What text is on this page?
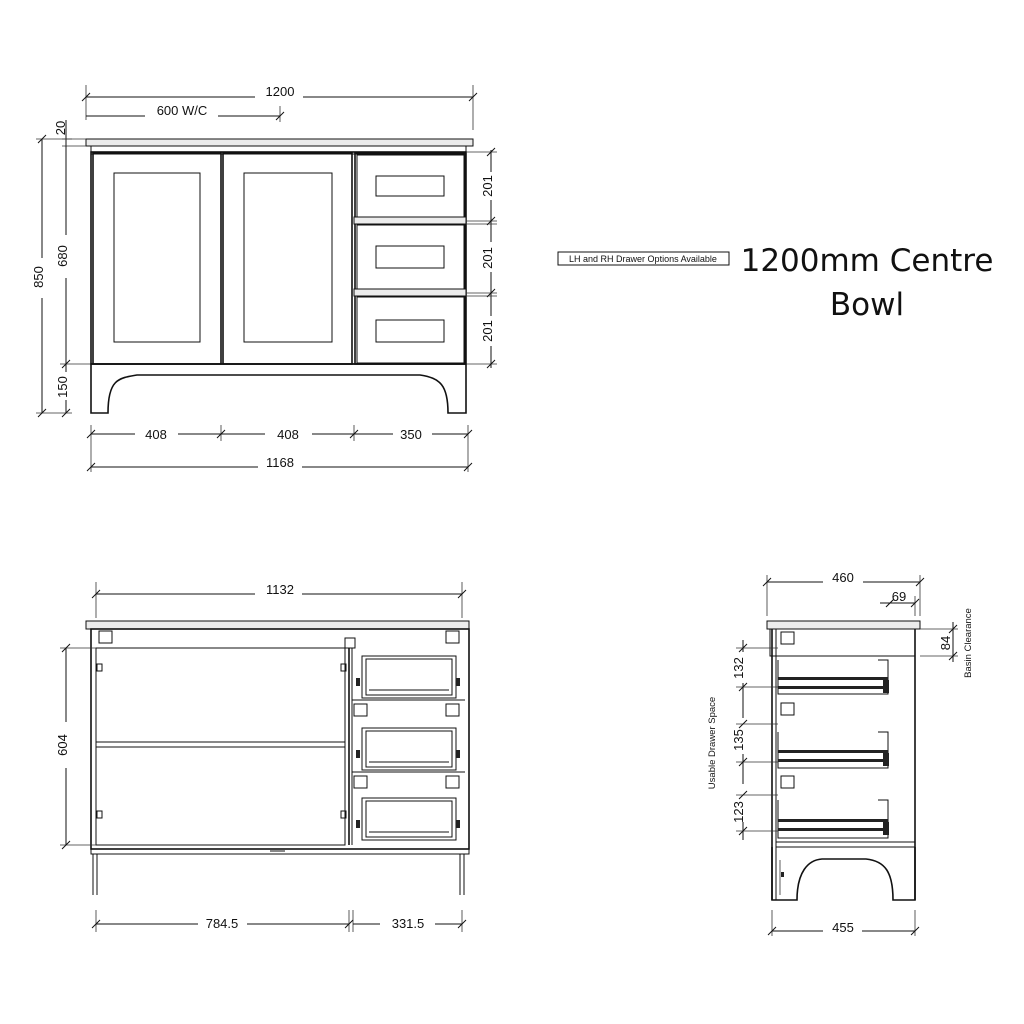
1200mm Centre
Bowl
LH and RH Drawer Options Available
1200
600 W/C
20
850
680
150
201
201
201
408	408	350
1168
1132
604
784.5	331.5
460
69
84 Basin Clearance
Usable Drawer Space
132
135
123
455
